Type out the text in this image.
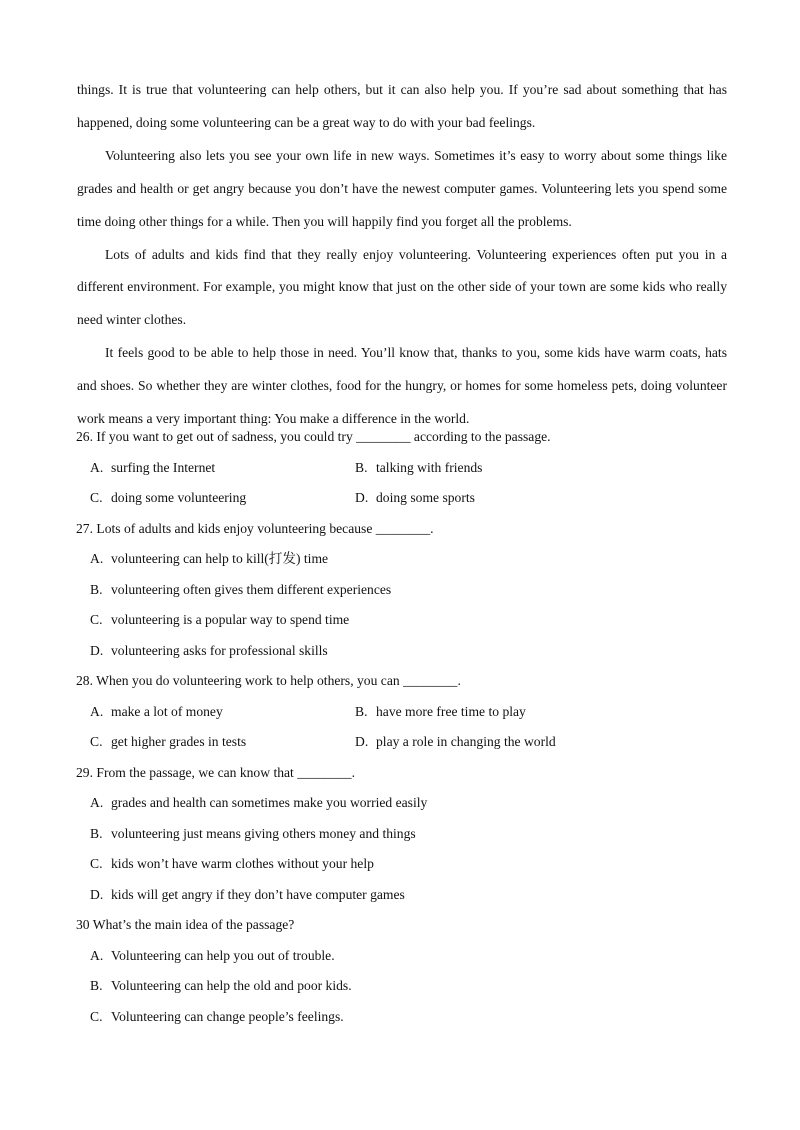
things. It is true that volunteering can help others, but it can also help you. If you’re sad about something that has happened, doing some volunteering can be a great way to do with your bad feelings.

Volunteering also lets you see your own life in new ways. Sometimes it’s easy to worry about some things like grades and health or get angry because you don’t have the newest computer games. Volunteering lets you spend some time doing other things for a while. Then you will happily find you forget all the problems.

Lots of adults and kids find that they really enjoy volunteering. Volunteering experiences often put you in a different environment. For example, you might know that just on the other side of your town are some kids who really need winter clothes.

It feels good to be able to help those in need. You’ll know that, thanks to you, some kids have warm coats, hats and shoes. So whether they are winter clothes, food for the hungry, or homes for some homeless pets, doing volunteer work means a very important thing: You make a difference in the world.

26. If you want to get out of sadness, you could try ________ according to the passage.
A. surfing the Internet	B. talking with friends
C. doing some volunteering	D. doing some sports
27. Lots of adults and kids enjoy volunteering because ________.
A. volunteering can help to kill(打发) time
B. volunteering often gives them different experiences
C. volunteering is a popular way to spend time
D. volunteering asks for professional skills
28. When you do volunteering work to help others, you can ________.
A. make a lot of money	B. have more free time to play
C. get higher grades in tests	D. play a role in changing the world
29. From the passage, we can know that ________.
A. grades and health can sometimes make you worried easily
B. volunteering just means giving others money and things
C. kids won’t have warm clothes without your help
D. kids will get angry if they don’t have computer games
30 What’s the main idea of the passage?
A. Volunteering can help you out of trouble.
B. Volunteering can help the old and poor kids.
C. Volunteering can change people’s feelings.
